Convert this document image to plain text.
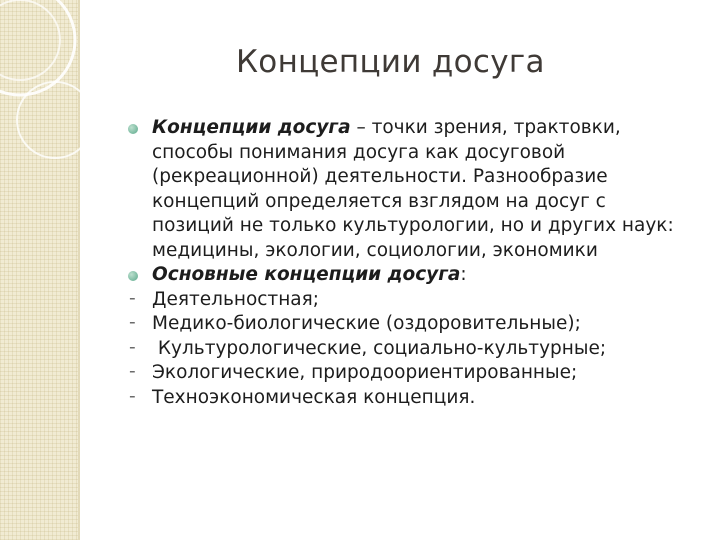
Концепции досуга

Концепции досуга – точки зрения, трактовки, способы понимания досуга как досуговой (рекреационной) деятельности. Разнообразие концепций определяется взглядом на досуг с позиций не только культурологии, но и других наук: медицины, экологии, социологии, экономики

Основные концепции досуга:

- Деятельностная;

- Медико-биологические (оздоровительные);

- Культурологические, социально-культурные;

- Экологические, природоориентированные;

- Техноэкономическая концепция.
